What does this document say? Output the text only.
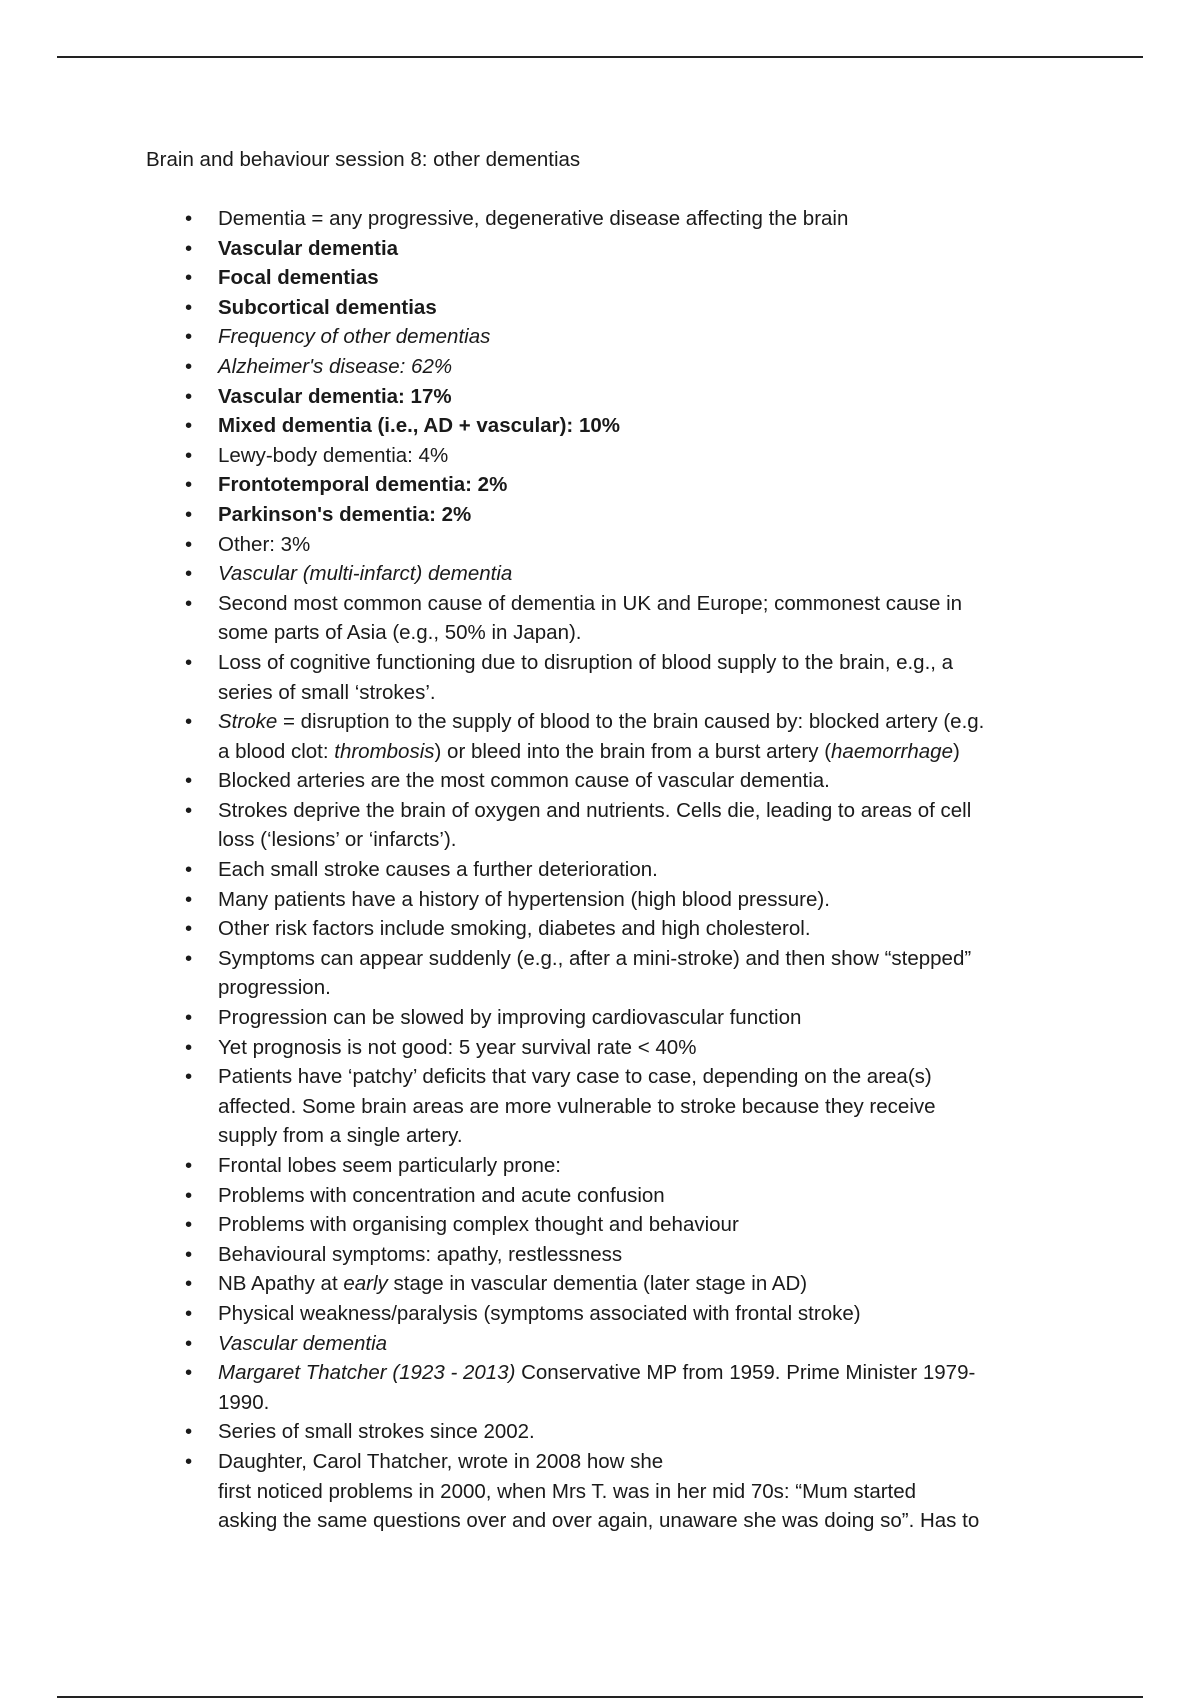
Brain and behaviour session 8: other dementias
• Dementia = any progressive, degenerative disease affecting the brain
• Vascular dementia
• Focal dementias
• Subcortical dementias
• Frequency of other dementias
• Alzheimer's disease: 62%
• Vascular dementia: 17%
• Mixed dementia (i.e., AD + vascular): 10%
• Lewy-body dementia: 4%
• Frontotemporal dementia: 2%
• Parkinson's dementia: 2%
• Other: 3%
• Vascular (multi-infarct) dementia
• Second most common cause of dementia in UK and Europe; commonest cause in
some parts of Asia (e.g., 50% in Japan).
• Loss of cognitive functioning due to disruption of blood supply to the brain, e.g., a
series of small ‘strokes’.
• Stroke = disruption to the supply of blood to the brain caused by: blocked artery (e.g.
a blood clot: thrombosis) or bleed into the brain from a burst artery (haemorrhage)
• Blocked arteries are the most common cause of vascular dementia.
• Strokes deprive the brain of oxygen and nutrients. Cells die, leading to areas of cell
loss (‘lesions’ or ‘infarcts’).
• Each small stroke causes a further deterioration.
• Many patients have a history of hypertension (high blood pressure).
• Other risk factors include smoking, diabetes and high cholesterol.
• Symptoms can appear suddenly (e.g., after a mini-stroke) and then show “stepped”
progression.
• Progression can be slowed by improving cardiovascular function
• Yet prognosis is not good: 5 year survival rate < 40%
• Patients have ‘patchy’ deficits that vary case to case, depending on the area(s)
affected. Some brain areas are more vulnerable to stroke because they receive
supply from a single artery.
• Frontal lobes seem particularly prone:
• Problems with concentration and acute confusion
• Problems with organising complex thought and behaviour
• Behavioural symptoms: apathy, restlessness
• NB Apathy at early stage in vascular dementia (later stage in AD)
• Physical weakness/paralysis (symptoms associated with frontal stroke)
• Vascular dementia
• Margaret Thatcher (1923 - 2013) Conservative MP from 1959. Prime Minister 1979-
1990.
• Series of small strokes since 2002.
• Daughter, Carol Thatcher, wrote in 2008 how she
first noticed problems in 2000, when Mrs T. was in her mid 70s: “Mum started
asking the same questions over and over again, unaware she was doing so”. Has to
